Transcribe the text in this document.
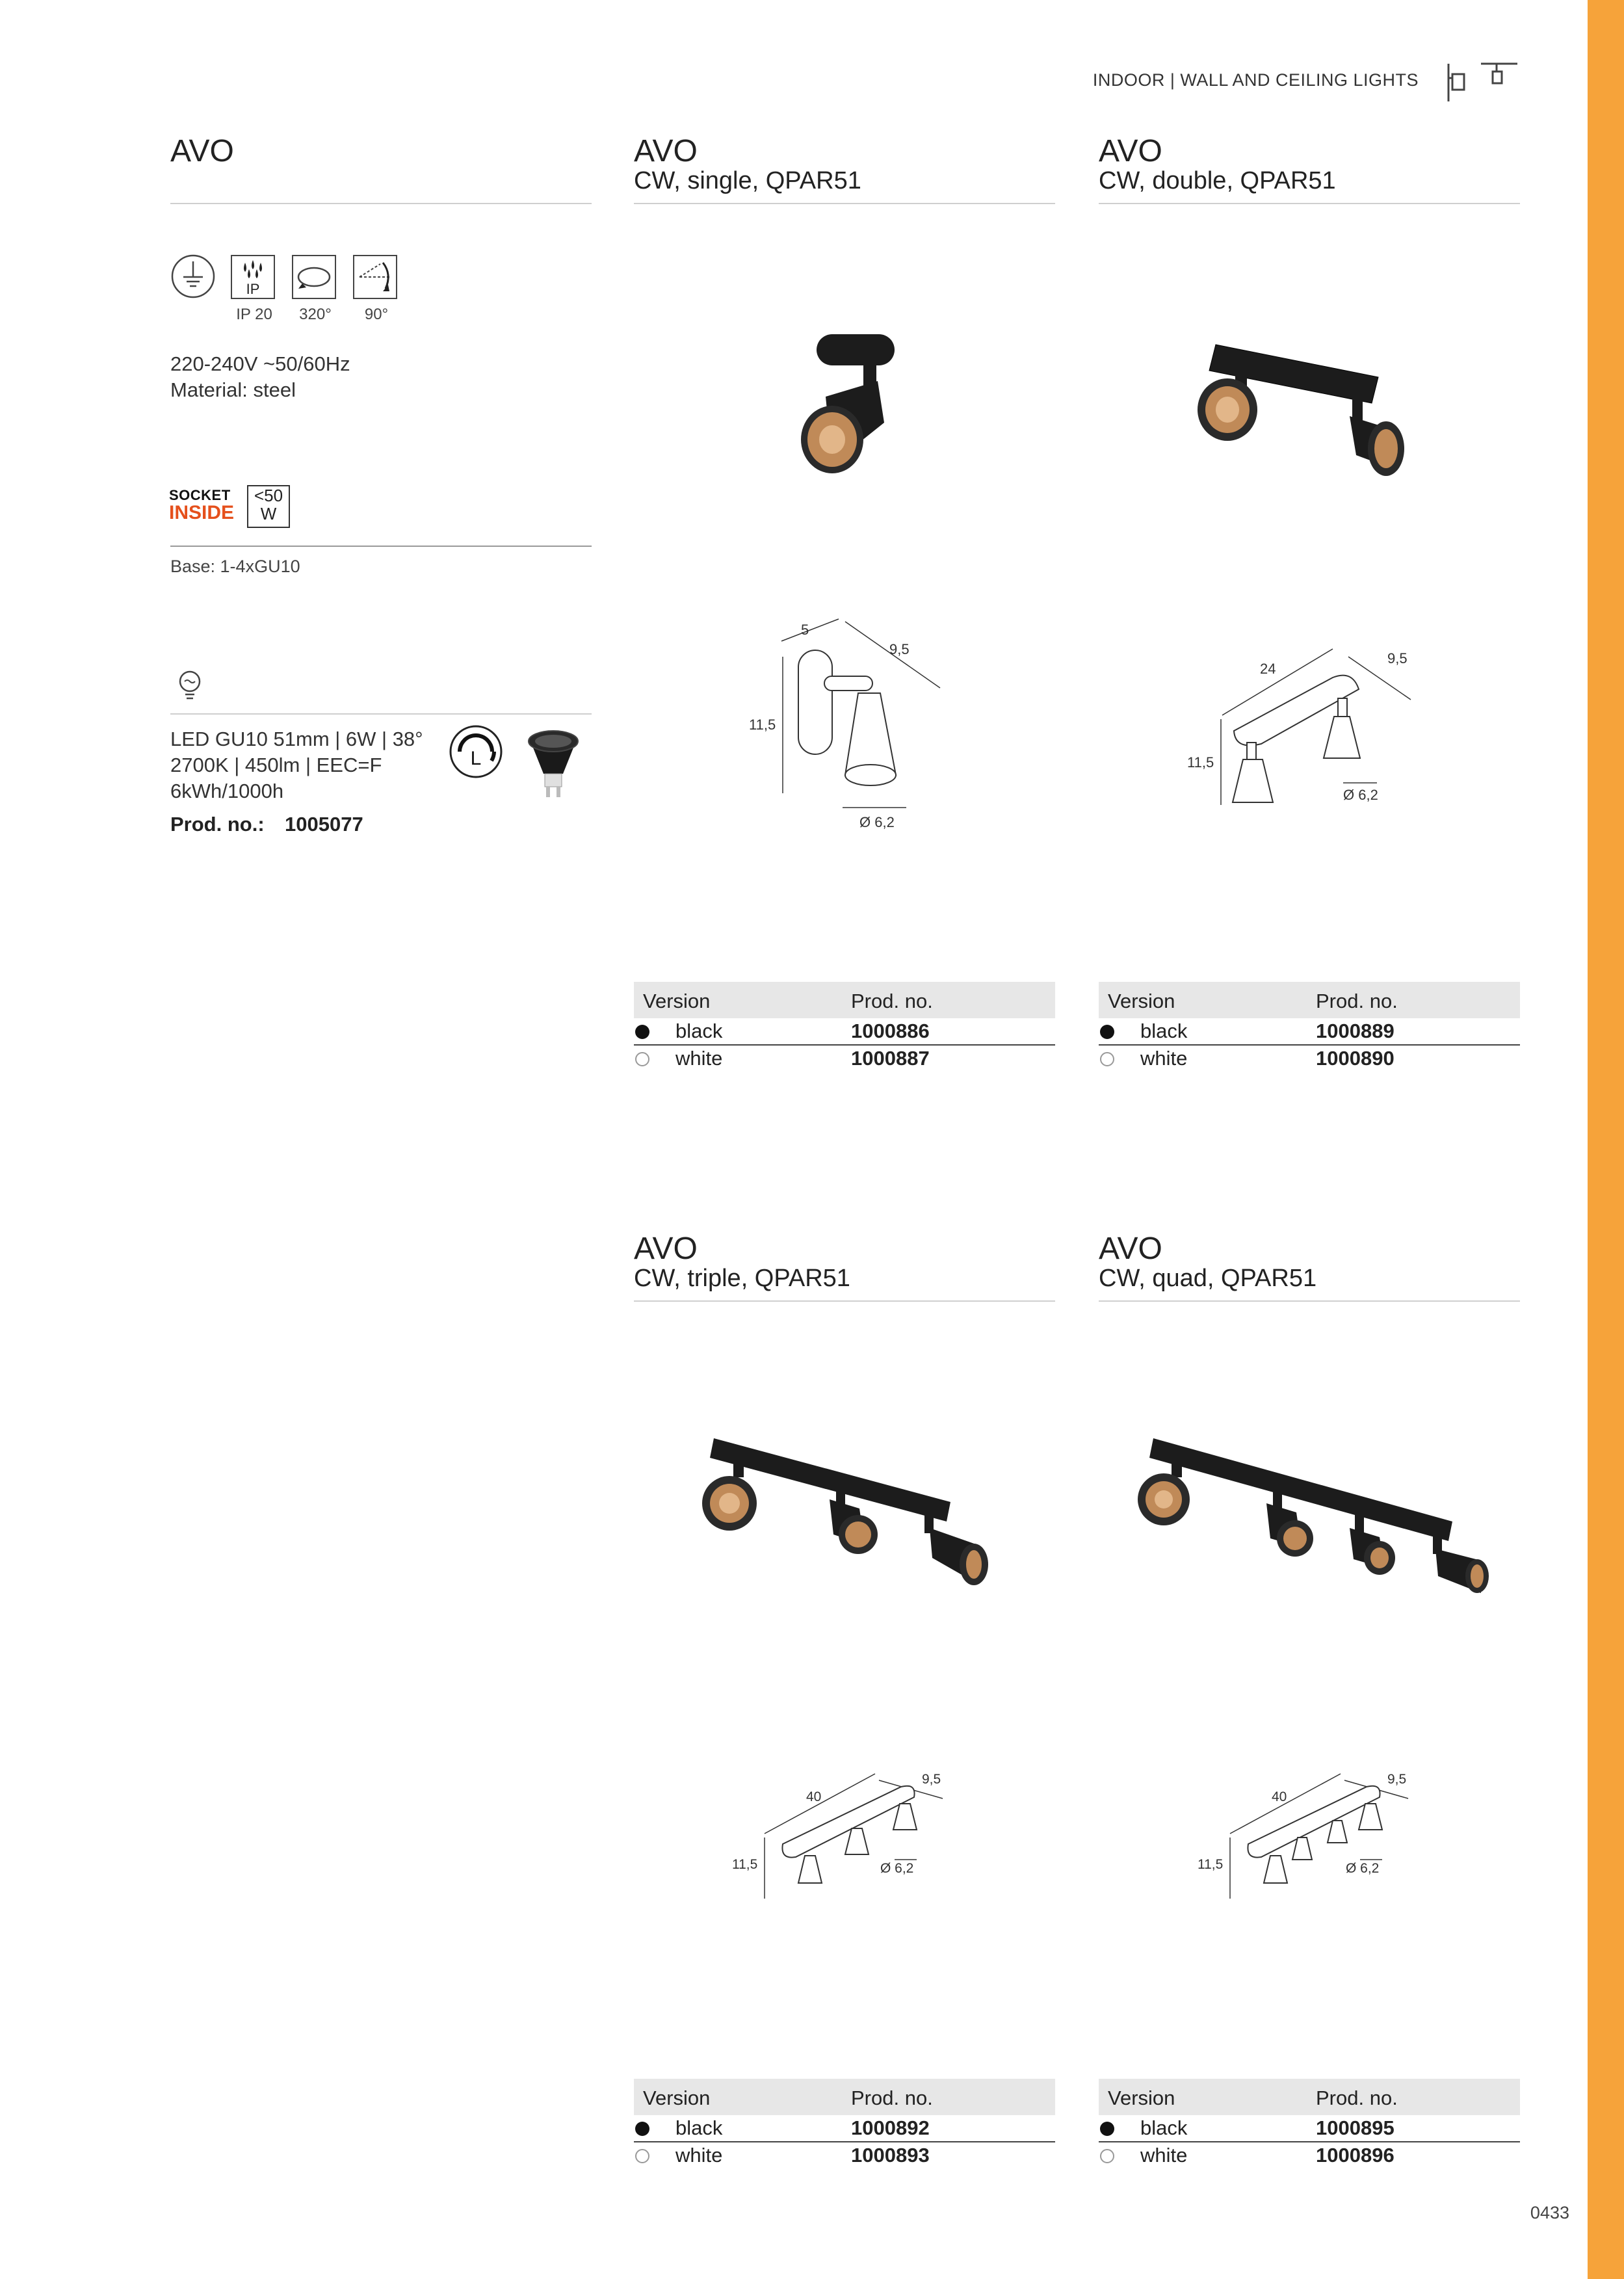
INDOOR | WALL AND CEILING LIGHTS
AVO
IP
IP 20	320°	90°
220-240V ~50/60Hz
Material: steel
SOCKET
INSIDE
<50
W
Base: 1-4xGU10
LED GU10 51mm | 6W | 38°
2700K | 450lm | EEC=F
6kWh/1000h
L
Prod. no.: 1005077
AVO
CW, single, QPAR51
5
9,5
11,5
Ø 6,2
Version	Prod. no.
black	1000886
white	1000887
AVO
CW, double, QPAR51
24
9,5
11,5
Ø 6,2
Version	Prod. no.
black	1000889
white	1000890
AVO
CW, triple, QPAR51
40
9,5
11,5	Ø 6,2
Version	Prod. no.
black	1000892
white	1000893
AVO
CW, quad, QPAR51
40
9,5
11,5	Ø 6,2
Version	Prod. no.
black	1000895
white	1000896
0433
